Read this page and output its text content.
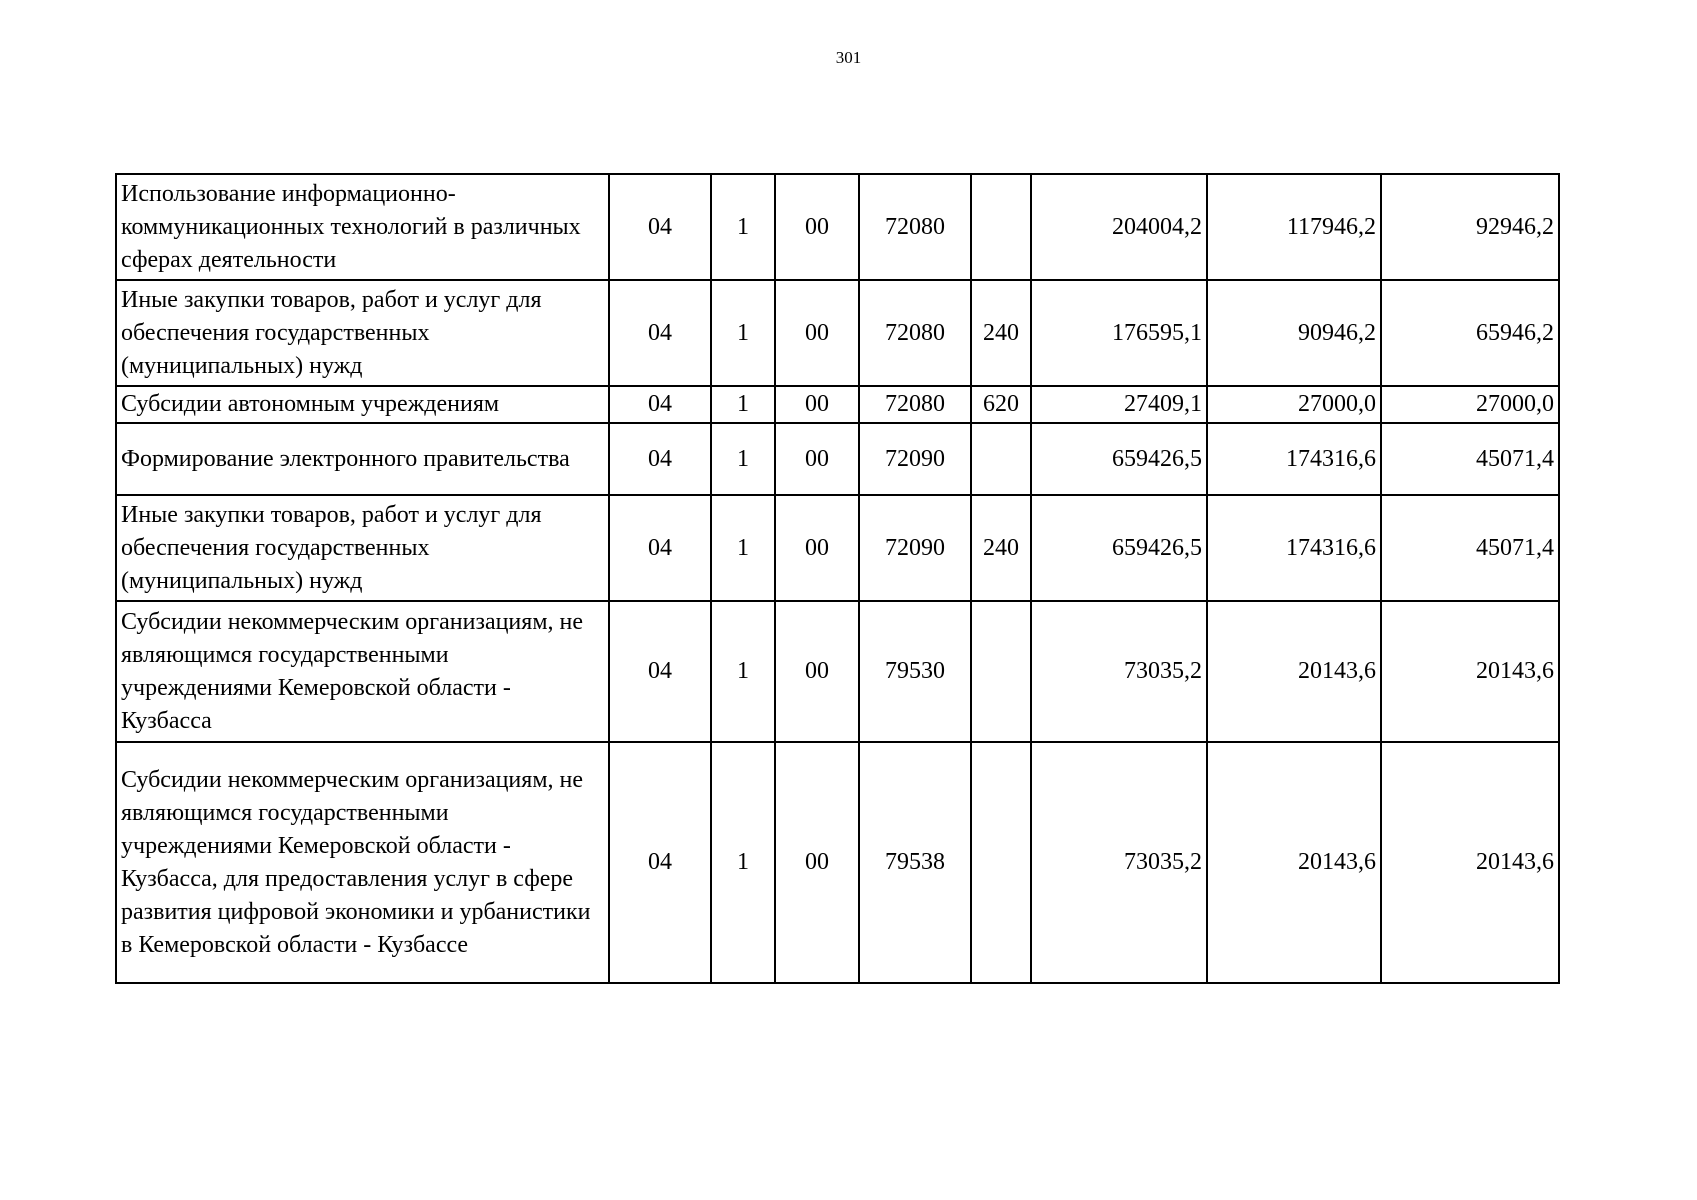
301
Использование информационно-коммуникационных технологий в различных сферах деятельности	04	1	00	72080		204004,2	117946,2	92946,2
Иные закупки товаров, работ и услуг для обеспечения государственных (муниципальных) нужд	04	1	00	72080	240	176595,1	90946,2	65946,2
Субсидии автономным учреждениям	04	1	00	72080	620	27409,1	27000,0	27000,0
Формирование электронного правительства	04	1	00	72090		659426,5	174316,6	45071,4
Иные закупки товаров, работ и услуг для обеспечения государственных (муниципальных) нужд	04	1	00	72090	240	659426,5	174316,6	45071,4
Субсидии некоммерческим организациям, не являющимся государственными учреждениями Кемеровской области - Кузбасса	04	1	00	79530		73035,2	20143,6	20143,6
Субсидии некоммерческим организациям, не являющимся государственными учреждениями Кемеровской области - Кузбасса, для предоставления услуг в сфере развития цифровой экономики и урбанистики в Кемеровской области - Кузбассе	04	1	00	79538		73035,2	20143,6	20143,6
